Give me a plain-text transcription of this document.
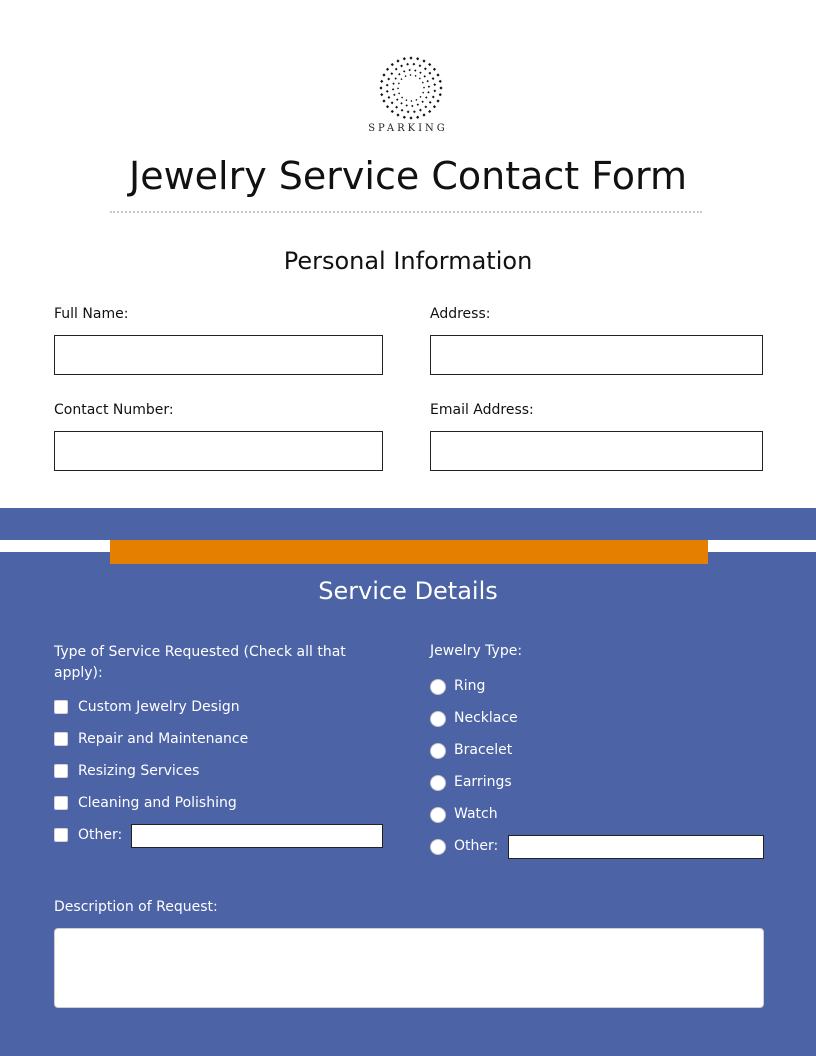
SPARKING
Jewelry Service Contact Form
Personal Information
Full Name:	Address:
Contact Number:	Email Address:
Service Details
Type of Service Requested (Check all that apply):
Custom Jewelry Design
Repair and Maintenance
Resizing Services
Cleaning and Polishing
Other:
Jewelry Type:
Ring
Necklace
Bracelet
Earrings
Watch
Other:
Description of Request:
